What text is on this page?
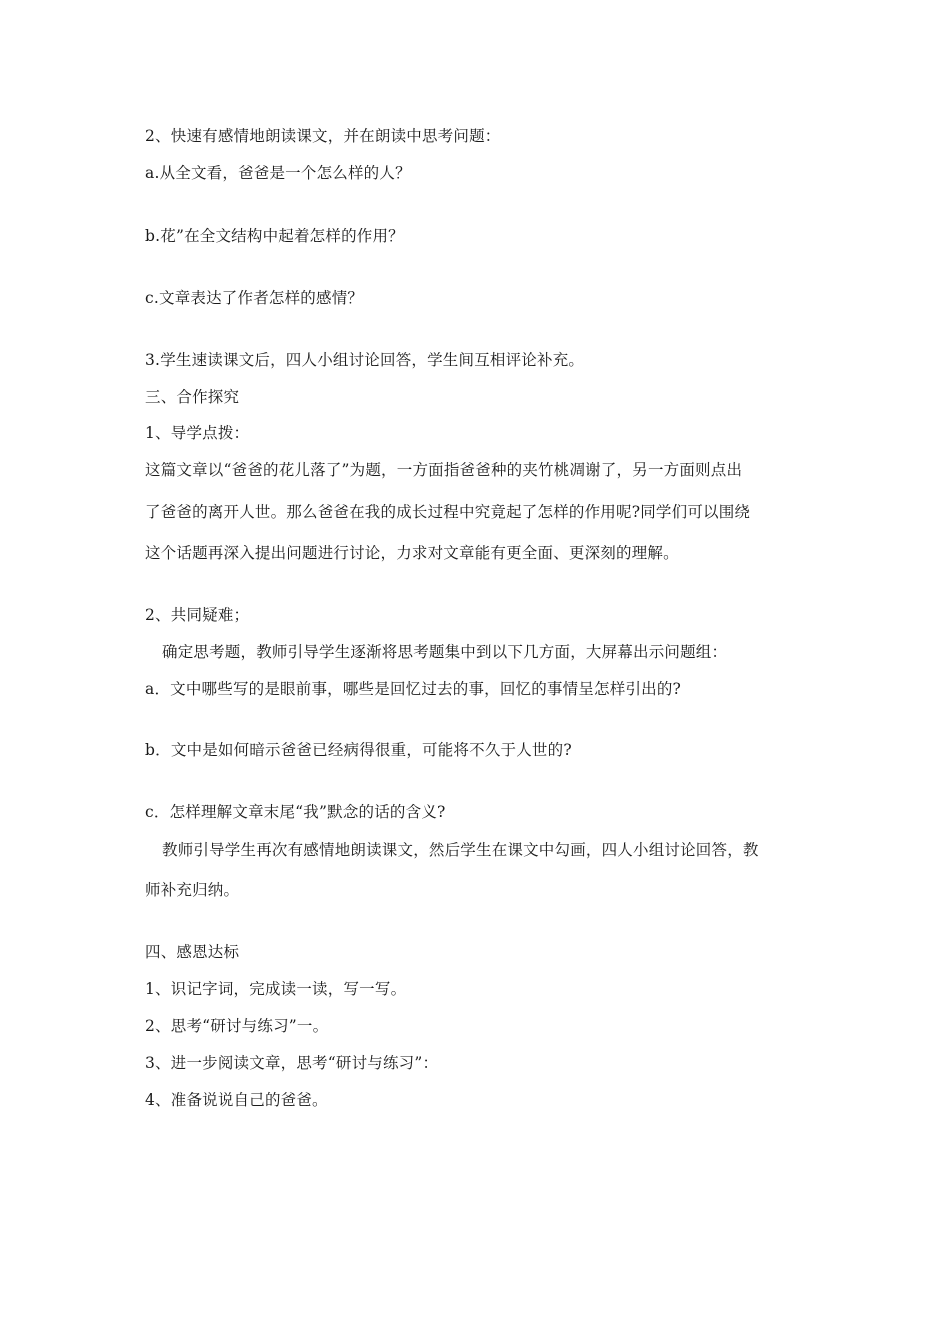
2、快速有感情地朗读课文，并在朗读中思考问题：
a.从全文看，爸爸是一个怎么样的人？
b.花”在全文结构中起着怎样的作用？
c.文章表达了作者怎样的感情？
3.学生速读课文后，四人小组讨论回答，学生间互相评论补充。
三、合作探究
1、导学点拨：
这篇文章以“爸爸的花儿落了”为题，一方面指爸爸种的夹竹桃凋谢了，另一方面则点出
了爸爸的离开人世。那么爸爸在我的成长过程中究竟起了怎样的作用呢?同学们可以围绕
这个话题再深入提出问题进行讨论，力求对文章能有更全面、更深刻的理解。
2、共同疑难；
确定思考题，教师引导学生逐渐将思考题集中到以下几方面，大屏幕出示问题组：
a．文中哪些写的是眼前事，哪些是回忆过去的事，回忆的事情呈怎样引出的?
b．文中是如何暗示爸爸已经病得很重，可能将不久于人世的?
c．怎样理解文章末尾“我”默念的话的含义?
教师引导学生再次有感情地朗读课文，然后学生在课文中勾画，四人小组讨论回答，教
师补充归纳。
四、感恩达标
1、识记字词，完成读一读，写一写。
2、思考“研讨与练习”一。
3、进一步阅读文章，思考“研讨与练习”：
4、准备说说自己的爸爸。
